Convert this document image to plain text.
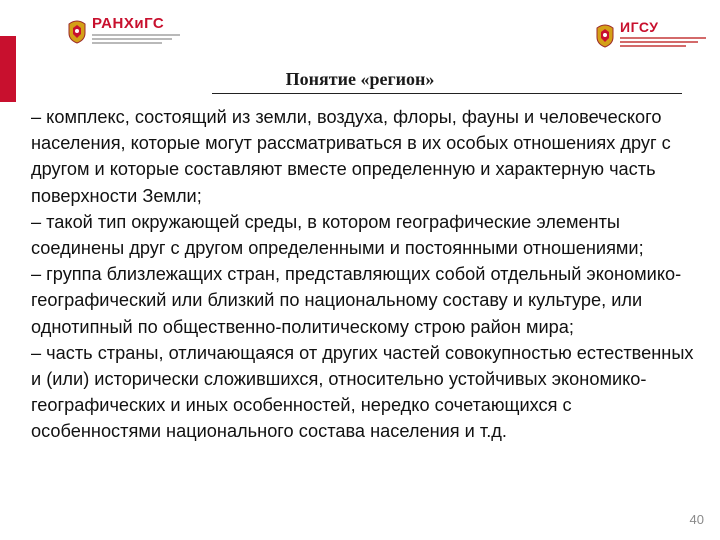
РАНХиГС	ИГСУ
Понятие «регион»

– комплекс, состоящий из земли, воздуха, флоры, фауны и человеческого населения, которые могут рассматриваться в их особых отношениях друг с другом и которые составляют вместе определенную и характерную часть поверхности Земли;

– такой тип окружающей среды, в котором географические элементы соединены друг с другом определенными и постоянными отношениями;

– группа близлежащих стран, представляющих собой отдельный экономико-географический или близкий по национальному составу и культуре, или однотипный по общественно-политическому строю район мира;

– часть страны, отличающаяся от других частей совокупностью естественных и (или) исторически сложившихся, относительно устойчивых экономико-географических и иных особенностей, нередко сочетающихся с особенностями национального состава населения и т.д.

40
